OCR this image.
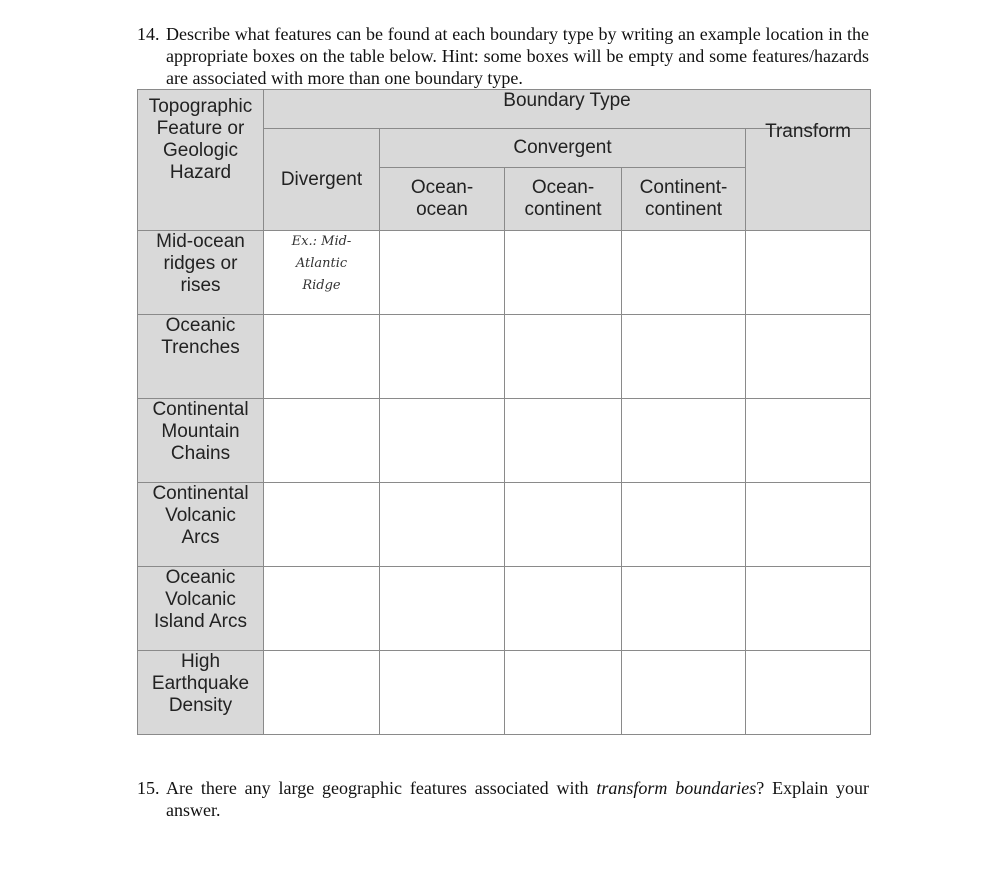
14. Describe what features can be found at each boundary type by writing an example location in the appropriate boxes on the table below. Hint: some boxes will be empty and some features/hazards are associated with more than one boundary type.
Topographic Feature or Geologic Hazard	Boundary Type				
	Divergent	Convergent			Transform

		Ocean-ocean	Ocean-continent	Continent-continent	
Mid-ocean ridges or rises	Ex.: Mid-Atlantic Ridge				
Oceanic Trenches					
Continental Mountain Chains					
Continental Volcanic Arcs					
Oceanic Volcanic Island Arcs					
High Earthquake Density					
15. Are there any large geographic features associated with transform boundaries? Explain your answer.
